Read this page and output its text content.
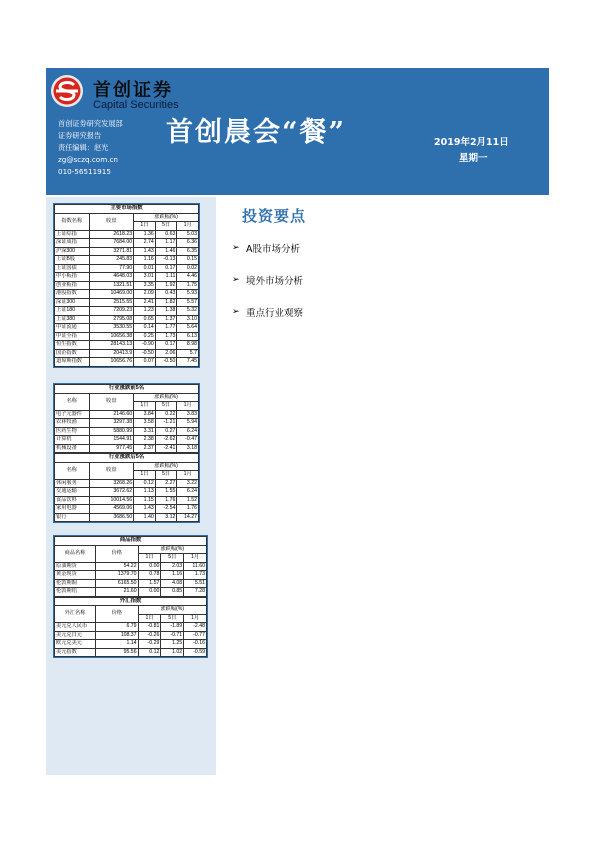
首创证券
Capital Securities
首创证券研究发展部
证券研究报告
责任编辑：赵光
zg@sczq.com.cn
010-56511915
首创晨会“餐”	2019年2月11日
星期一
主要市场指数				
指数名称	收盘	涨跌幅(%)		
		1日	5日	1月
上证综指	2618.23	1.36	0.63	5.03
深证成指	7684.00	2.74	1.17	6.36
沪深300	3271.81	1.43	1.46	6.35
上证B股	245.83	1.16	-0.13	0.15
上证国债	77.90	0.01	0.17	0.02
中小板指	4648.03	3.01	1.11	4.46
创业板指	1321.51	3.35	1.92	1.75
港股指数	10469.00	2.09	0.43	5.93
深证300	2515.55	2.41	1.82	5.57
上证180	7209.23	1.23	1.38	5.32
上证380	2795.08	0.65	1.37	3.10
中证流通	3530.55	0.14	1.77	5.64
中证全指	10656.38	0.25	1.73	6.13
恒生指数	28143.13	-0.90	0.17	8.98
国企指数	20413.9	-0.50	2.06	5.7
道琼斯指数	10656.76	0.07	-0.50	7.45
行业涨跌前5名				
名称	收盘	涨跌幅(%)		
		1日	5日	1月
电子元器件	2146.60	3.84	0.22	3.83
农林牧渔	3297.38	3.58	-1.21	5.94
医药生物	5880.99	3.31	0.27	6.24
计算机	1544.91	2.38	-2.62	-0.47
机械设备	977.45	2.37	-2.41	3.18
行业涨跌后5名				
名称	收盘	涨跌幅(%)		
		1日	5日	1月
休闲服务	3268.26	0.12	2.27	3.22
交通运输	3672.62	1.13	1.55	6.24
食品饮料	10014.56	1.15	1.76	1.52
家用电器	4569.06	1.43	-2.54	1.76
银行	3686.50	1.40	3.12	14.27
商品指数				
商品名称	价格	涨跌幅(%)		
		1日	5日	1月
原油期货	54.22	0.00	2.03	11.60
黄金现货	1379.70	0.78	1.16	1.73
伦敦期铜	6165.50	1.57	4.08	5.51
伦敦期铝	21.60	0.00	0.85	7.28
外汇指数				
外汇名称	价格	涨跌幅(%)		
		1日	5日	1月
美元兑人民币	6.79	-0.81	-1.89	-2.48
美元兑日元	108.37	-0.26	-0.71	-0.77
欧元兑美元	1.14	-0.29	1.25	-0.16
美元指数	95.56	0.12	1.02	-0.59
投资要点
➢ A股市场分析
➢ 境外市场分析
➢ 重点行业观察
